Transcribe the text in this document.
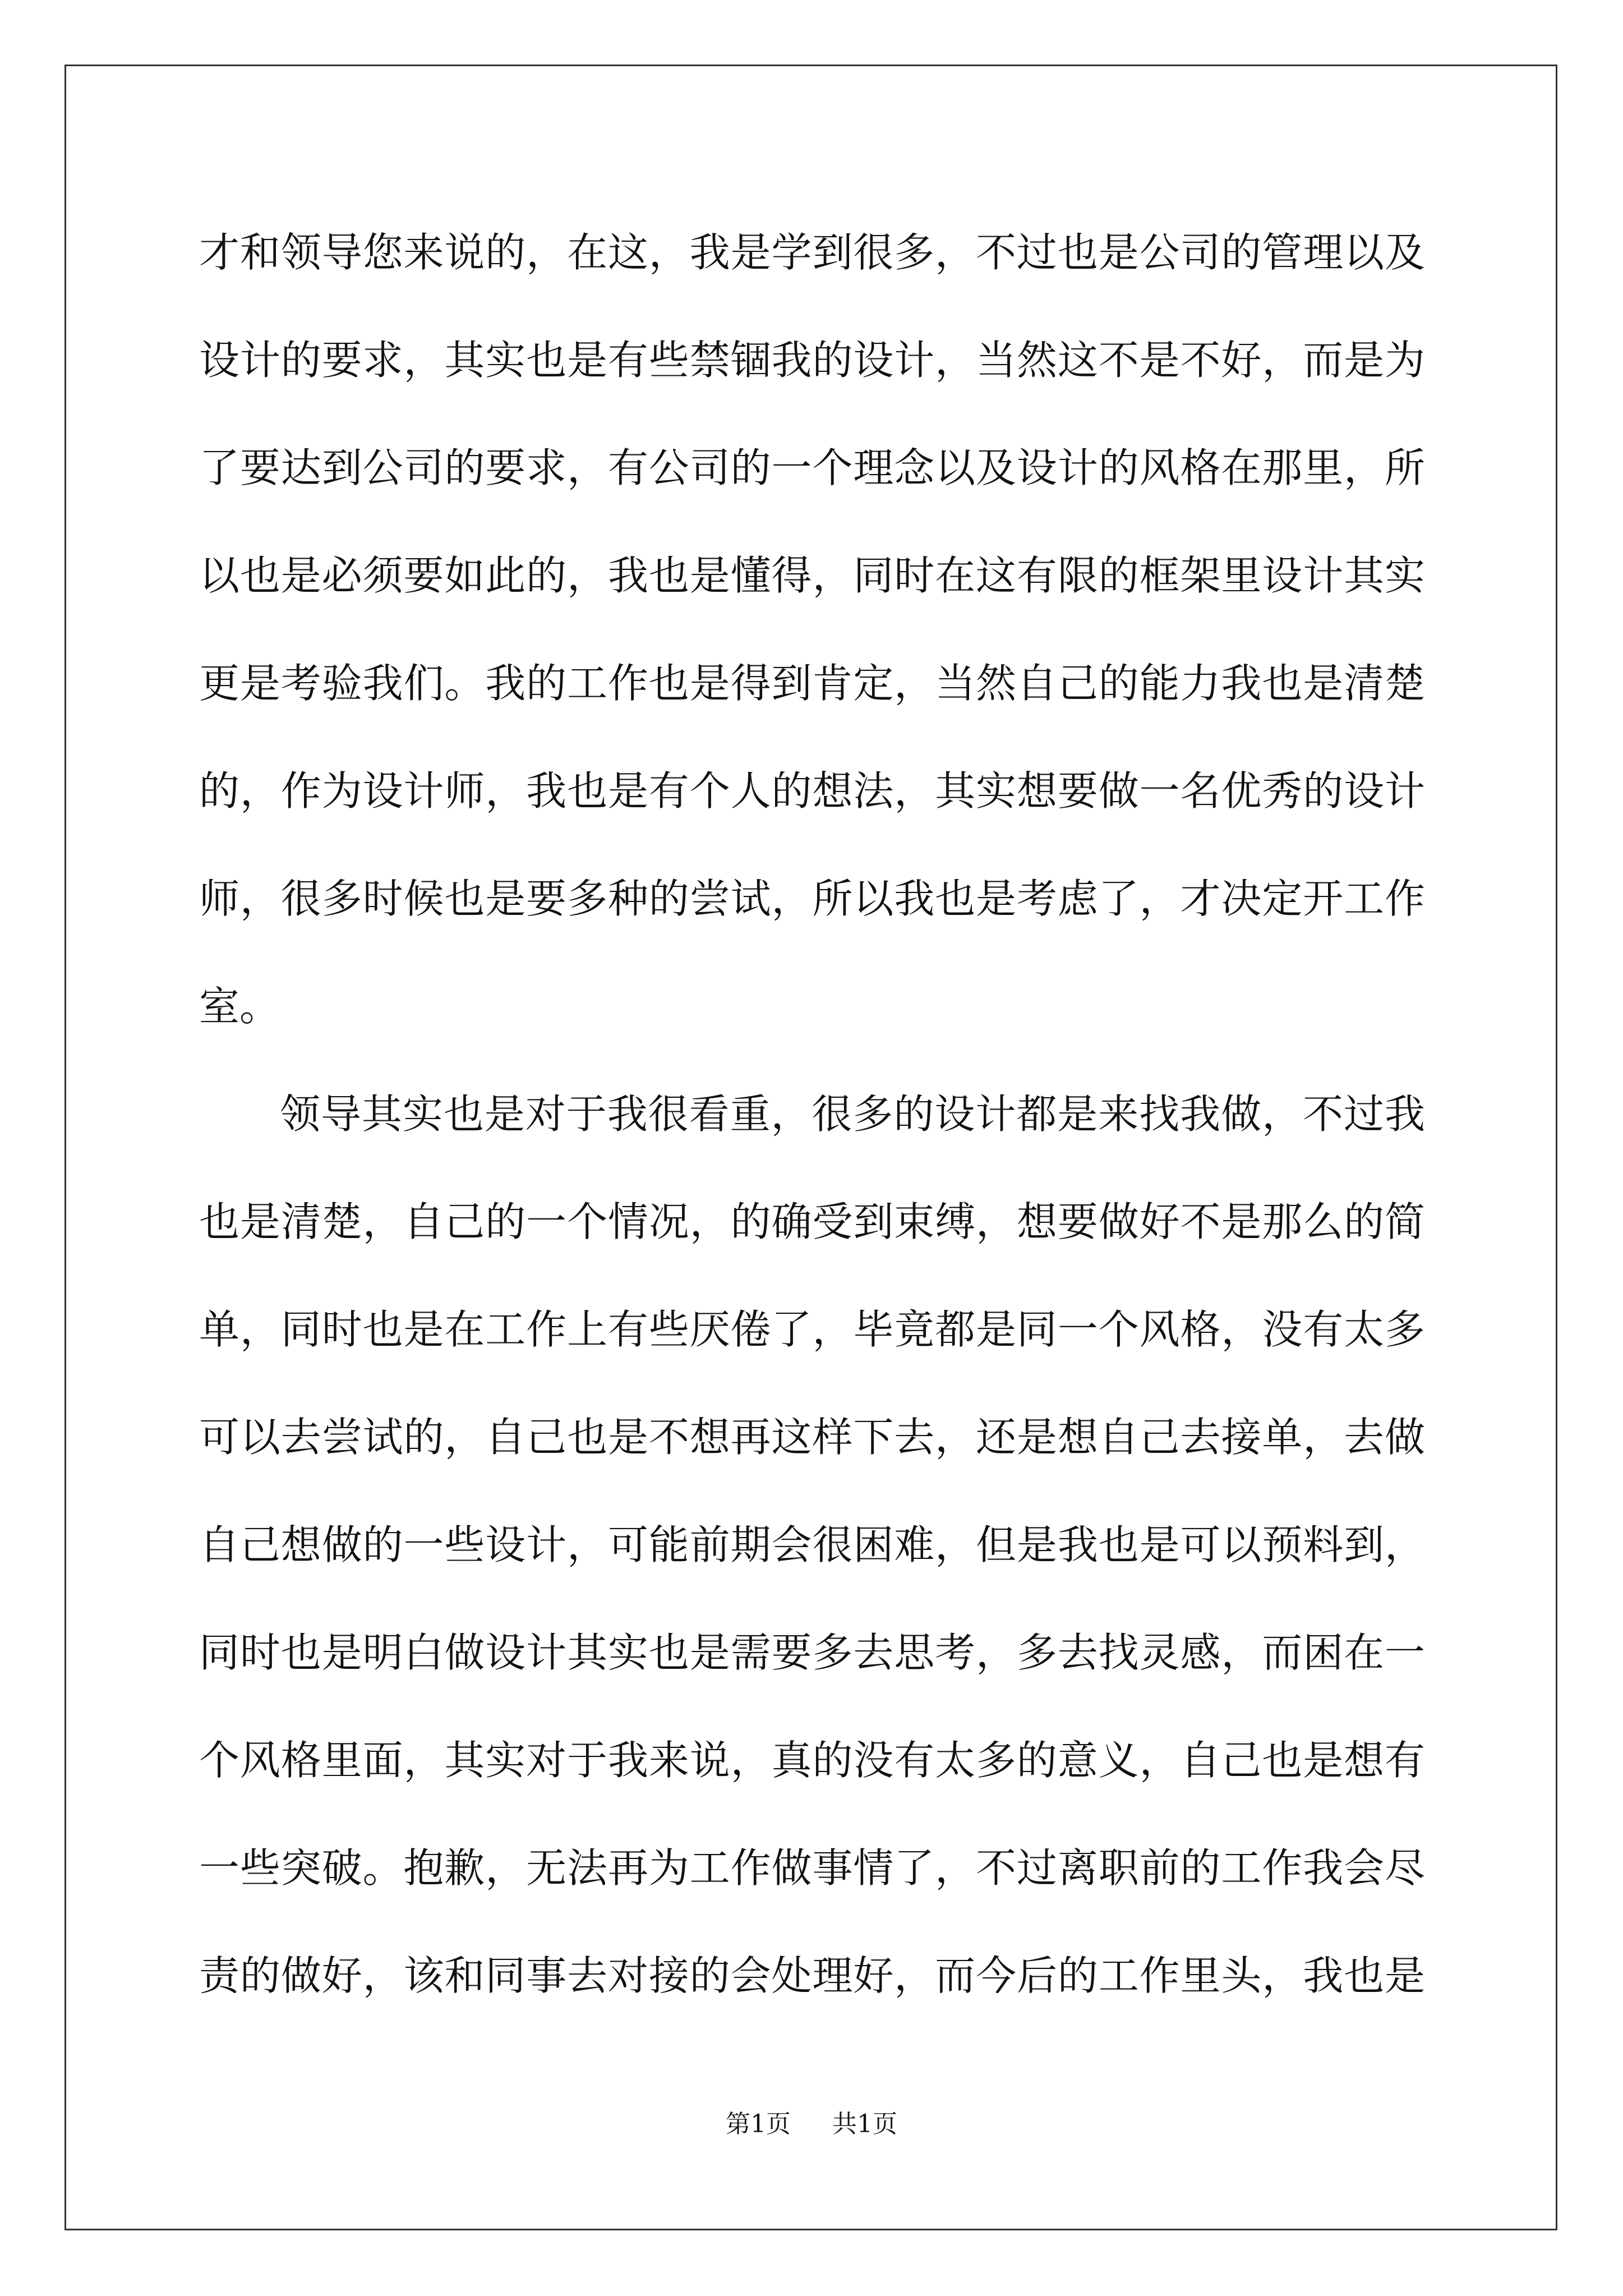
才和领导您来说的，在这，我是学到很多，不过也是公司的管理以及
设计的要求，其实也是有些禁锢我的设计，当然这不是不好，而是为
了要达到公司的要求，有公司的一个理念以及设计的风格在那里，所
以也是必须要如此的，我也是懂得，同时在这有限的框架里设计其实
更是考验我们。我的工作也是得到肯定，当然自己的能力我也是清楚
的，作为设计师，我也是有个人的想法，其实想要做一名优秀的设计
师，很多时候也是要多种的尝试，所以我也是考虑了，才决定开工作
室。
领导其实也是对于我很看重，很多的设计都是来找我做，不过我
也是清楚，自己的一个情况，的确受到束缚，想要做好不是那么的简
单，同时也是在工作上有些厌倦了，毕竟都是同一个风格，没有太多
可以去尝试的，自己也是不想再这样下去，还是想自己去接单，去做
自己想做的一些设计，可能前期会很困难，但是我也是可以预料到，
同时也是明白做设计其实也是需要多去思考，多去找灵感，而困在一
个风格里面，其实对于我来说，真的没有太多的意义，自己也是想有
一些突破。抱歉，无法再为工作做事情了，不过离职前的工作我会尽
责的做好，该和同事去对接的会处理好，而今后的工作里头，我也是
第1页 共1页
